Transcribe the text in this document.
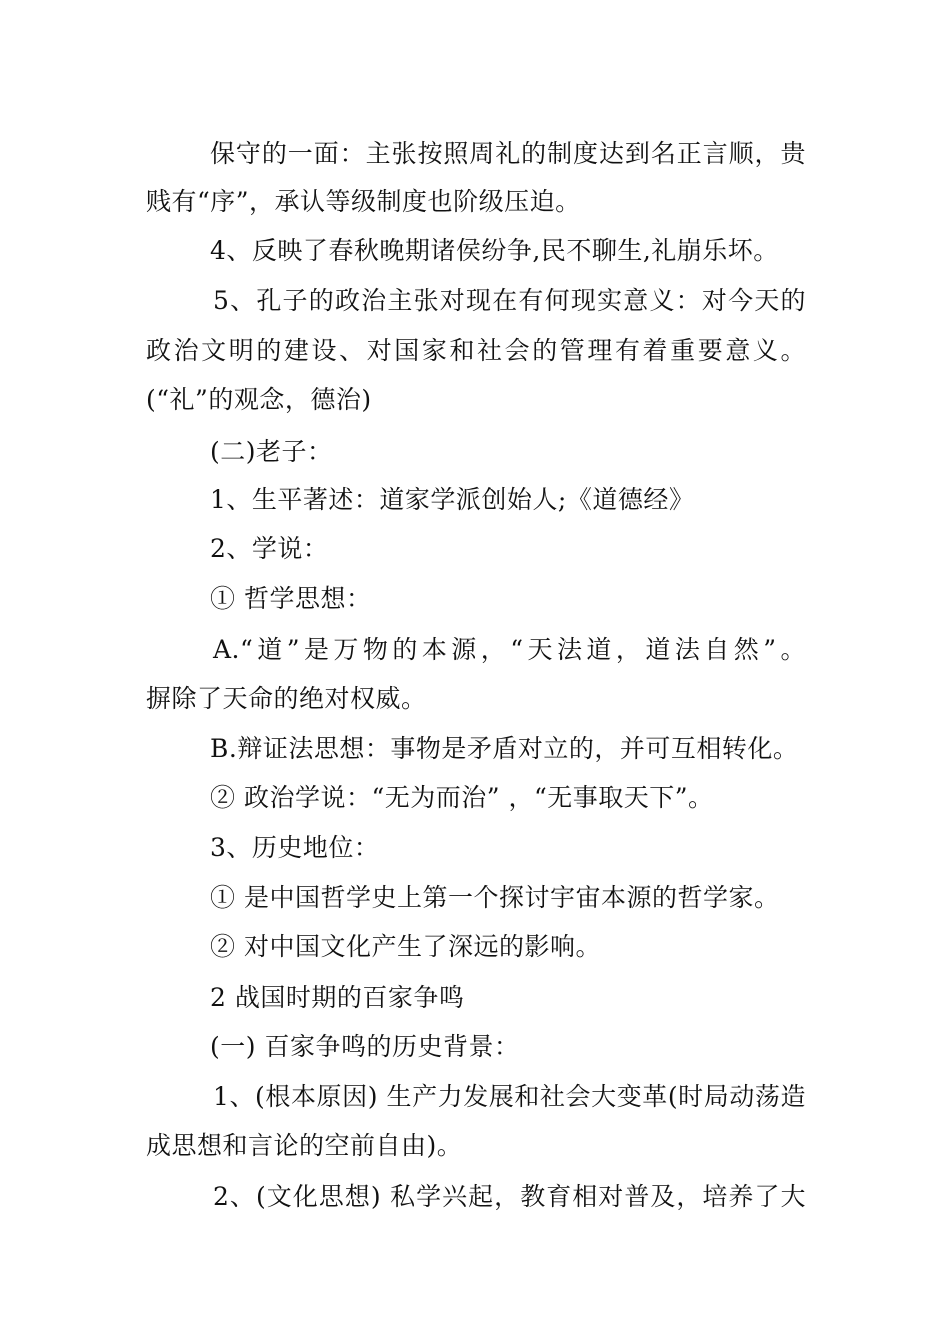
保守的一面：主张按照周礼的制度达到名正言顺，贵
贱有“序”，承认等级制度也阶级压迫。
4、反映了春秋晚期诸侯纷争,民不聊生,礼崩乐坏。
5、孔子的政治主张对现在有何现实意义：对今天的
政治文明的建设、对国家和社会的管理有着重要意义。
(“礼”的观念，德治)
(二)老子：
1、生平著述：道家学派创始人;《道德经》
2、学说：
① 哲学思想：
A.“道”是万物的本源，“天法道，道法自然”。
摒除了天命的绝对权威。
B.辩证法思想：事物是矛盾对立的，并可互相转化。
② 政治学说：“无为而治” ，“无事取天下”。
3、历史地位：
① 是中国哲学史上第一个探讨宇宙本源的哲学家。
② 对中国文化产生了深远的影响。
2 战国时期的百家争鸣
(一) 百家争鸣的历史背景：
1、(根本原因) 生产力发展和社会大变革(时局动荡造
成思想和言论的空前自由)。
2、(文化思想) 私学兴起，教育相对普及，培养了大
